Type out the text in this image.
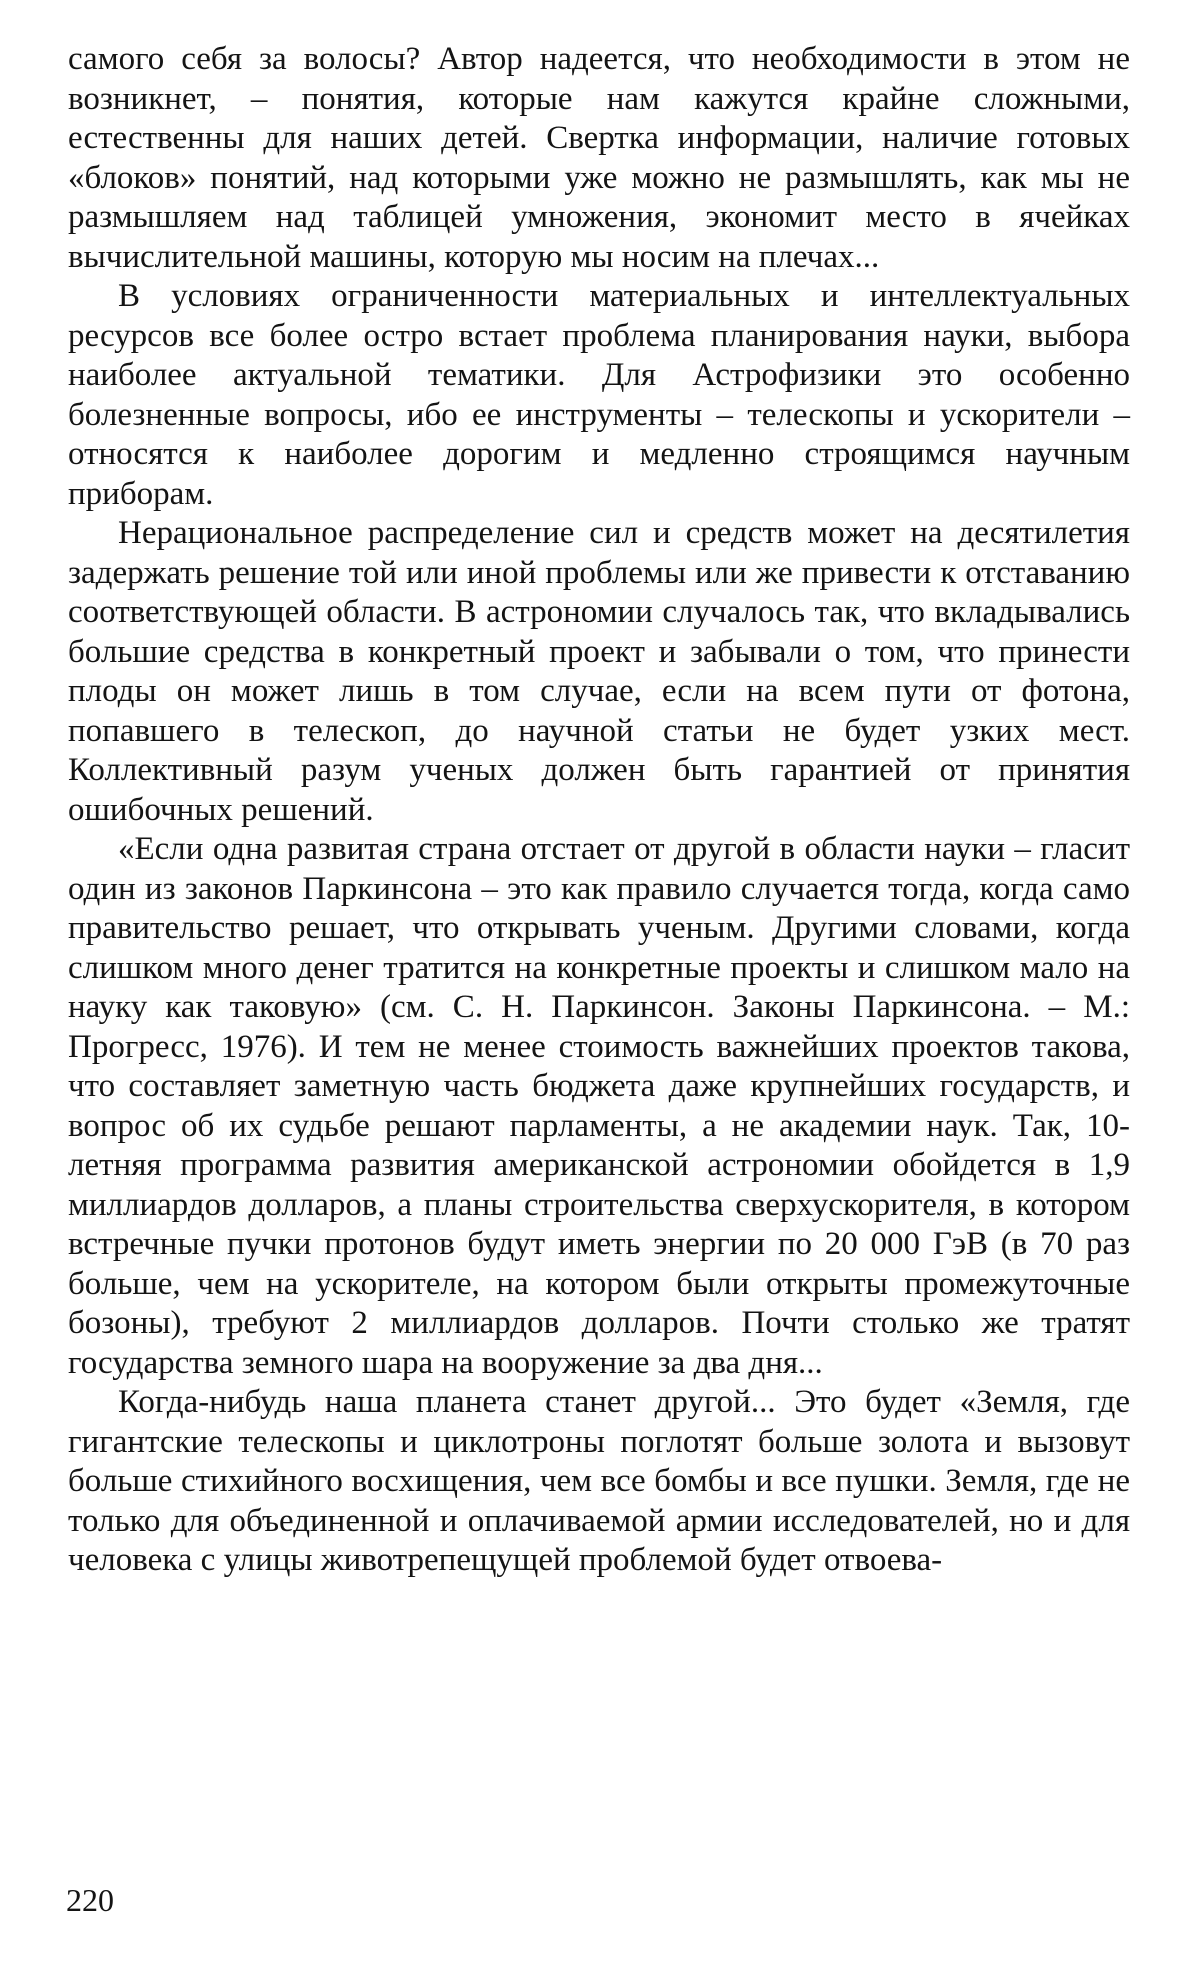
самого себя за волосы? Автор надеется, что необходимости в этом не возникнет, – понятия, которые нам кажутся крайне сложными, естественны для наших детей. Свертка информации, наличие готовых «блоков» понятий, над которыми уже можно не размышлять, как мы не размышляем над таблицей умножения, экономит место в ячейках вычислительной машины, которую мы носим на плечах...

В условиях ограниченности материальных и интеллектуальных ресурсов все более остро встает проблема планирования науки, выбора наиболее актуальной тематики. Для Астрофизики это особенно болезненные вопросы, ибо ее инструменты – телескопы и ускорители – относятся к наиболее дорогим и медленно строящимся научным приборам.

Нерациональное распределение сил и средств может на десятилетия задержать решение той или иной проблемы или же привести к отставанию соответствующей области. В астрономии случалось так, что вкладывались большие средства в конкретный проект и забывали о том, что принести плоды он может лишь в том случае, если на всем пути от фотона, попавшего в телескоп, до научной статьи не будет узких мест. Коллективный разум ученых должен быть гарантией от принятия ошибочных решений.

«Если одна развитая страна отстает от другой в области науки – гласит один из законов Паркинсона – это как правило случается тогда, когда само правительство решает, что открывать ученым. Другими словами, когда слишком много денег тратится на конкретные проекты и слишком мало на науку как таковую» (см. С. Н. Паркинсон. Законы Паркинсона. – М.: Прогресс, 1976). И тем не менее стоимость важнейших проектов такова, что составляет заметную часть бюджета даже крупнейших государств, и вопрос об их судьбе решают парламенты, а не академии наук. Так, 10-летняя программа развития американской астрономии обойдется в 1,9 миллиардов долларов, а планы строительства сверхускорителя, в котором встречные пучки протонов будут иметь энергии по 20 000 ГэВ (в 70 раз больше, чем на ускорителе, на котором были открыты промежуточные бозоны), требуют 2 миллиардов долларов. Почти столько же тратят государства земного шара на вооружение за два дня...

Когда-нибудь наша планета станет другой... Это будет «Земля, где гигантские телескопы и циклотроны поглотят больше золота и вызовут больше стихийного восхищения, чем все бомбы и все пушки. Земля, где не только для объединенной и оплачиваемой армии исследователей, но и для человека с улицы животрепещущей проблемой будет отвоева-

220
